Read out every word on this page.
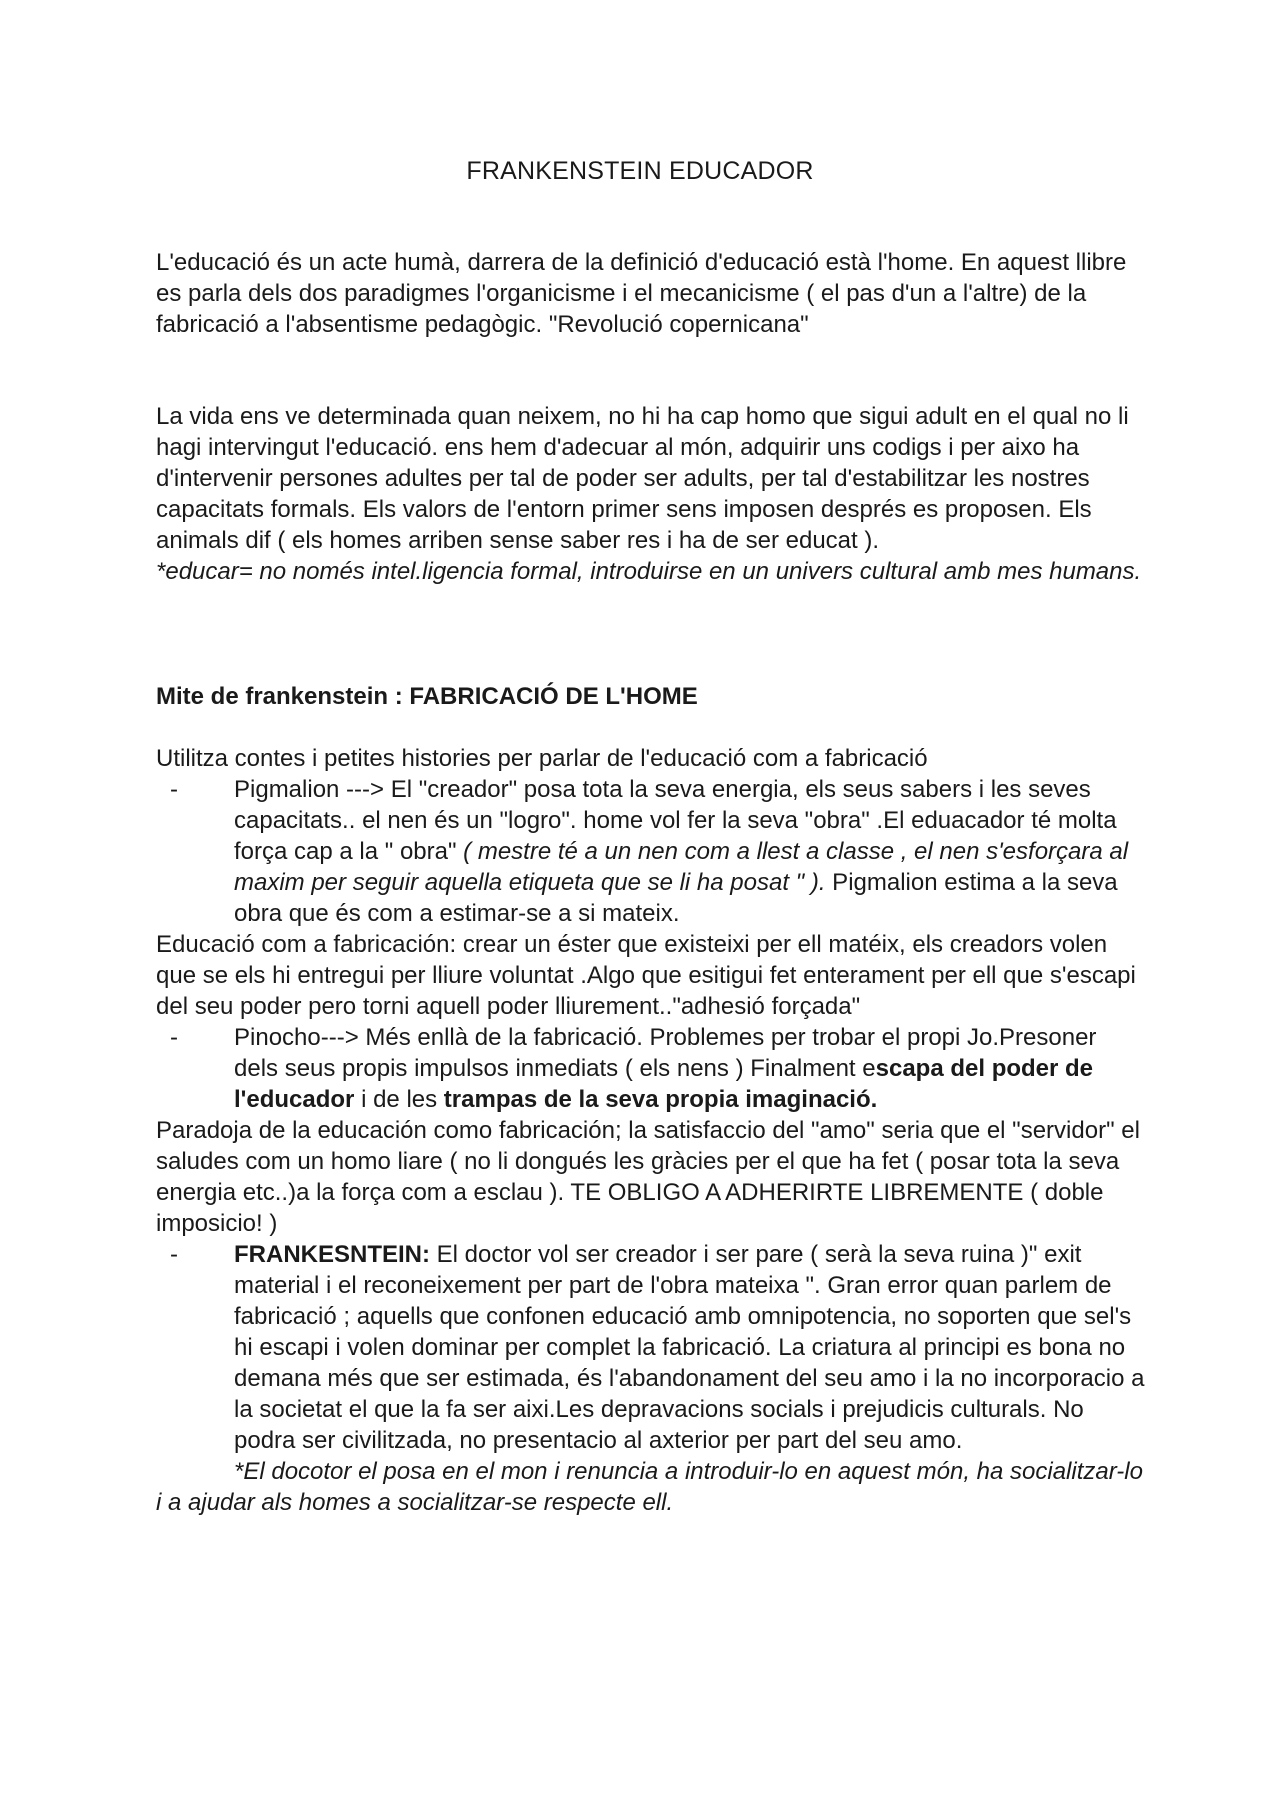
FRANKENSTEIN EDUCADOR

L'educació és un acte humà, darrera de la definició d'educació està l'home. En aquest llibre es parla dels dos paradigmes l'organicisme i el mecanicisme ( el pas d'un a l'altre) de la fabricació a l'absentisme pedagògic. "Revolució copernicana"

La vida ens ve determinada quan neixem, no hi ha cap homo que sigui adult en el qual no li hagi intervingut l'educació. ens hem d'adecuar al món, adquirir uns codigs i per aixo ha d'intervenir persones adultes per tal de poder ser adults, per tal d'estabilitzar les nostres capacitats formals. Els valors de l'entorn primer sens imposen després es proposen. Els animals dif ( els homes arriben sense saber res i ha de ser educat ).

*educar= no només intel.ligencia formal, introduirse en un univers cultural amb mes humans.

Mite de frankenstein : FABRICACIÓ DE L'HOME

Utilitza contes i petites histories per parlar de l'educació com a fabricació

- Pigmalion ---> El "creador" posa tota la seva energia, els seus sabers i les seves capacitats.. el nen és un "logro". home vol fer la seva "obra" .El eduacador té molta força cap a la " obra" ( mestre té a un nen com a llest a classe , el nen s'esforçara al maxim per seguir aquella etiqueta que se li ha posat " ). Pigmalion estima a la seva obra que és com a estimar-se a si mateix.

Educació com a fabricación: crear un éster que existeixi per ell matéix, els creadors volen que se els hi entregui per lliure voluntat .Algo que esitigui fet enterament per ell que s'escapi del seu poder pero torni aquell poder lliurement.."adhesió forçada"

- Pinocho---> Més enllà de la fabricació. Problemes per trobar el propi Jo.Presoner dels seus propis impulsos inmediats ( els nens ) Finalment escapa del poder de l'educador i de les trampas de la seva propia imaginació.

Paradoja de la educación como fabricación; la satisfaccio del "amo" seria que el "servidor" el saludes com un homo liare ( no li dongués les gràcies per el que ha fet ( posar tota la seva energia etc..)a la força com a esclau ). TE OBLIGO A ADHERIRTE LIBREMENTE ( doble imposicio! )

- FRANKESNTEIN: El doctor vol ser creador i ser pare ( serà la seva ruina )" exit material i el reconeixement per part de l'obra mateixa ". Gran error quan parlem de fabricació ; aquells que confonen educació amb omnipotencia, no soporten que sel's hi escapi i volen dominar per complet la fabricació. La criatura al principi es bona no demana més que ser estimada, és l'abandonament del seu amo i la no incorporacio a la societat el que la fa ser aixi.Les depravacions socials i prejudicis culturals. No podra ser civilitzada, no presentacio al axterior per part del seu amo.

*El docotor el posa en el mon i renuncia a introduir-lo en aquest món, ha socialitzar-lo i a ajudar als homes a socialitzar-se respecte ell.
